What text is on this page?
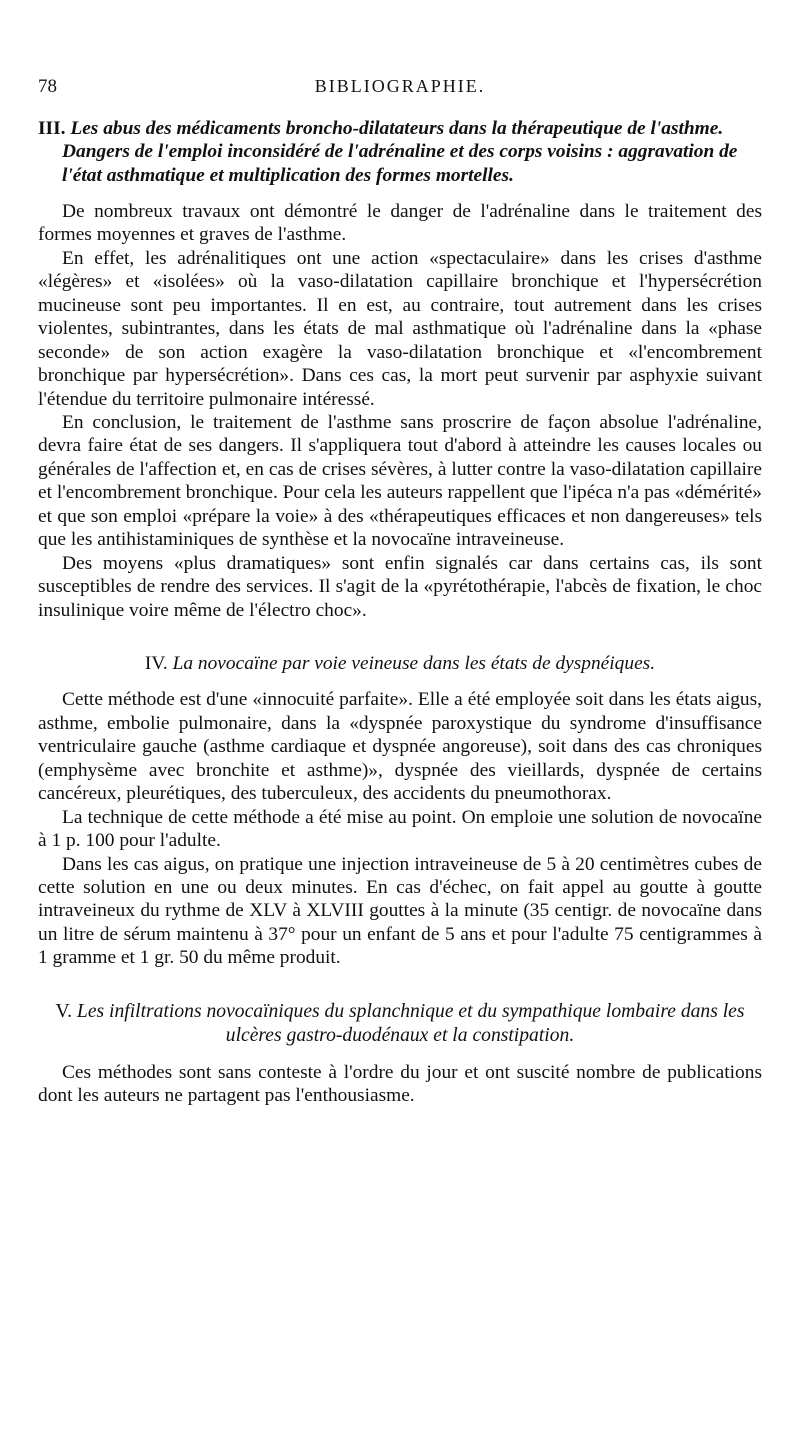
78	BIBLIOGRAPHIE.

III. Les abus des médicaments broncho-dilatateurs dans la thérapeutique de l'asthme. Dangers de l'emploi inconsidéré de l'adrénaline et des corps voisins : aggravation de l'état asthmatique et multiplication des formes mortelles.

De nombreux travaux ont démontré le danger de l'adrénaline dans le traitement des formes moyennes et graves de l'asthme.

En effet, les adrénalitiques ont une action «spectaculaire» dans les crises d'asthme «légères» et «isolées» où la vaso-dilatation capillaire bronchique et l'hypersécrétion mucineuse sont peu importantes. Il en est, au contraire, tout autrement dans les crises violentes, subintrantes, dans les états de mal asthmatique où l'adrénaline dans la «phase seconde» de son action exagère la vaso-dilatation bronchique et «l'encombrement bronchique par hypersécrétion». Dans ces cas, la mort peut survenir par asphyxie suivant l'étendue du territoire pulmonaire intéressé.

En conclusion, le traitement de l'asthme sans proscrire de façon absolue l'adrénaline, devra faire état de ses dangers. Il s'appliquera tout d'abord à atteindre les causes locales ou générales de l'affection et, en cas de crises sévères, à lutter contre la vaso-dilatation capillaire et l'encombrement bronchique. Pour cela les auteurs rappellent que l'ipéca n'a pas «démérité» et que son emploi «prépare la voie» à des «thérapeutiques efficaces et non dangereuses» tels que les antihistaminiques de synthèse et la novocaïne intraveineuse.

Des moyens «plus dramatiques» sont enfin signalés car dans certains cas, ils sont susceptibles de rendre des services. Il s'agit de la «pyrétothérapie, l'abcès de fixation, le choc insulinique voire même de l'électro choc».

IV. La novocaïne par voie veineuse dans les états de dyspnéiques.

Cette méthode est d'une «innocuité parfaite». Elle a été employée soit dans les états aigus, asthme, embolie pulmonaire, dans la «dyspnée paroxystique du syndrome d'insuffisance ventriculaire gauche (asthme cardiaque et dyspnée angoreuse), soit dans des cas chroniques (emphysème avec bronchite et asthme)», dyspnée des vieillards, dyspnée de certains cancéreux, pleurétiques, des tuberculeux, des accidents du pneumothorax.

La technique de cette méthode a été mise au point. On emploie une solution de novocaïne à 1 p. 100 pour l'adulte.

Dans les cas aigus, on pratique une injection intraveineuse de 5 à 20 centimètres cubes de cette solution en une ou deux minutes. En cas d'échec, on fait appel au goutte à goutte intraveineux du rythme de XLV à XLVIII gouttes à la minute (35 centigr. de novocaïne dans un litre de sérum maintenu à 37° pour un enfant de 5 ans et pour l'adulte 75 centigrammes à 1 gramme et 1 gr. 50 du même produit.

V. Les infiltrations novocaïniques du splanchnique et du sympathique lombaire dans les ulcères gastro-duodénaux et la constipation.

Ces méthodes sont sans conteste à l'ordre du jour et ont suscité nombre de publications dont les auteurs ne partagent pas l'enthousiasme.
